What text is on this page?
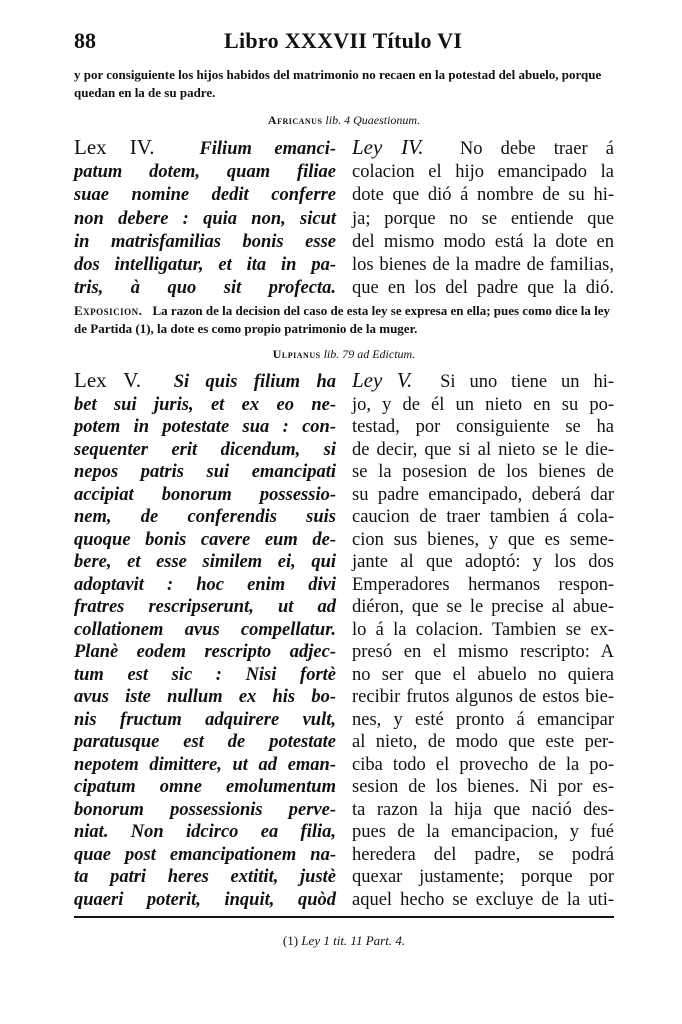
88	Libro XXXVII Título VI
y por consiguiente los hijos habidos del matrimonio no recaen en la potestad del abuelo, porque quedan en la de su padre.
Africanus lib. 4 Quaestionum.
Lex IV. Filium emanci-
patum dotem, quam filiae
suae nomine dedit conferre
non debere : quia non, sicut
in matrisfamilias bonis esse
dos intelligatur, et ita in pa-
tris, à quo sit profecta.
Ley IV. No debe traer á
colacion el hijo emancipado la
dote que dió á nombre de su hi-
ja; porque no se entiende que
del mismo modo está la dote en
los bienes de la madre de familias,
que en los del padre que la dió.
Exposicion. La razon de la decision del caso de esta ley se expresa en ella; pues como dice la ley de Partida (1), la dote es como propio patrimonio de la muger.
Ulpianus lib. 79 ad Edictum.
Lex V. Si quis filium ha
bet sui juris, et ex eo ne-
potem in potestate sua : con-
sequenter erit dicendum, si
nepos patris sui emancipati
accipiat bonorum possessio-
nem, de conferendis suis
quoque bonis cavere eum de-
bere, et esse similem ei, qui
adoptavit : hoc enim divi
fratres rescripserunt, ut ad
collationem avus compellatur.
Planè eodem rescripto adjec-
tum est sic : Nisi fortè
avus iste nullum ex his bo-
nis fructum adquirere vult,
paratusque est de potestate
nepotem dimittere, ut ad eman-
cipatum omne emolumentum
bonorum possessionis perve-
niat. Non idcirco ea filia,
quae post emancipationem na-
ta patri heres extitit, justè
quaeri poterit, inquit, quòd
Ley V. Si uno tiene un hi-
jo, y de él un nieto en su po-
testad, por consiguiente se ha
de decir, que si al nieto se le die-
se la posesion de los bienes de
su padre emancipado, deberá dar
caucion de traer tambien á cola-
cion sus bienes, y que es seme-
jante al que adoptó: y los dos
Emperadores hermanos respon-
diéron, que se le precise al abue-
lo á la colacion. Tambien se ex-
presó en el mismo rescripto: A
no ser que el abuelo no quiera
recibir frutos algunos de estos bie-
nes, y esté pronto á emancipar
al nieto, de modo que este per-
ciba todo el provecho de la po-
sesion de los bienes. Ni por es-
ta razon la hija que nació des-
pues de la emancipacion, y fué
heredera del padre, se podrá
quexar justamente; porque por
aquel hecho se excluye de la uti-
(1) Ley 1 tit. 11 Part. 4.
